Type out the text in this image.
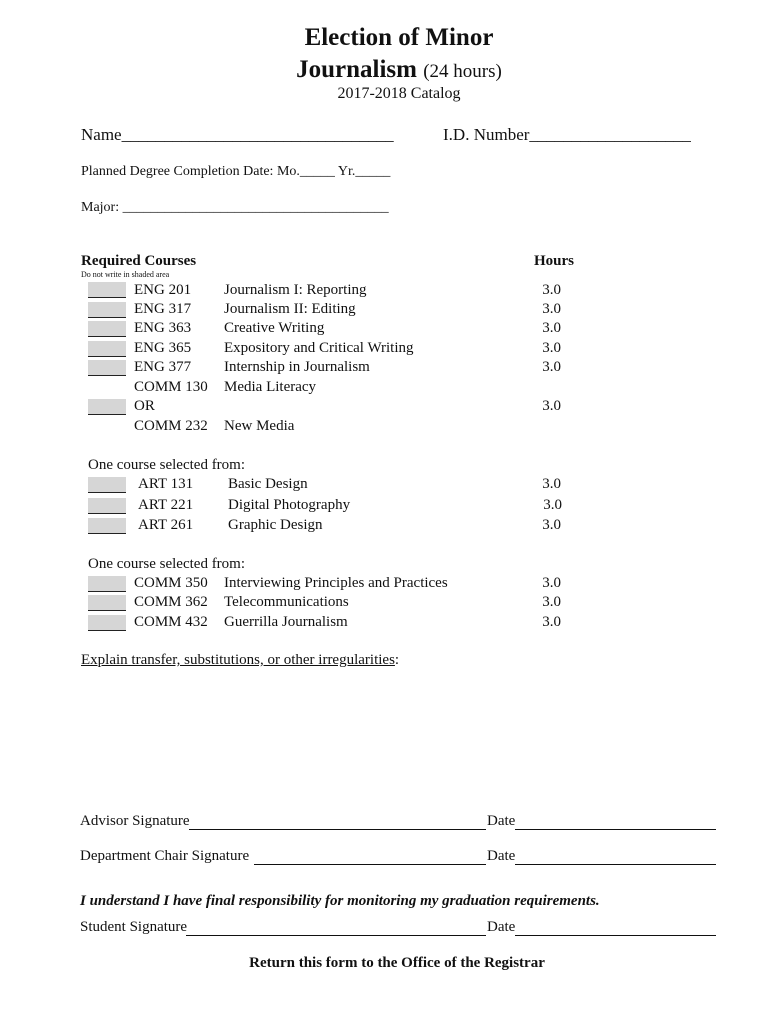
Election of Minor
Journalism (24 hours)
2017-2018 Catalog
Name________________________________	I.D. Number___________________
Planned Degree Completion Date: Mo._____ Yr._____
Major: ______________________________________
Required Courses
Do not write in shaded area
Hours
ENG 201 Journalism I: Reporting	3.0
ENG 317 Journalism II: Editing	3.0
ENG 363 Creative Writing	3.0
ENG 365 Expository and Critical Writing	3.0
ENG 377 Internship in Journalism	3.0
COMM 130 Media Literacy
OR	3.0
COMM 232 New Media
One course selected from:
ART 131 Basic Design	3.0
ART 221 Digital Photography	3.0
ART 261 Graphic Design	3.0
One course selected from:
COMM 350 Interviewing Principles and Practices	3.0
COMM 362 Telecommunications	3.0
COMM 432 Guerrilla Journalism	3.0
Explain transfer, substitutions, or other irregularities:
Advisor Signature	Date
Department Chair Signature	Date
I understand I have final responsibility for monitoring my graduation requirements.
Student Signature	Date
Return this form to the Office of the Registrar
